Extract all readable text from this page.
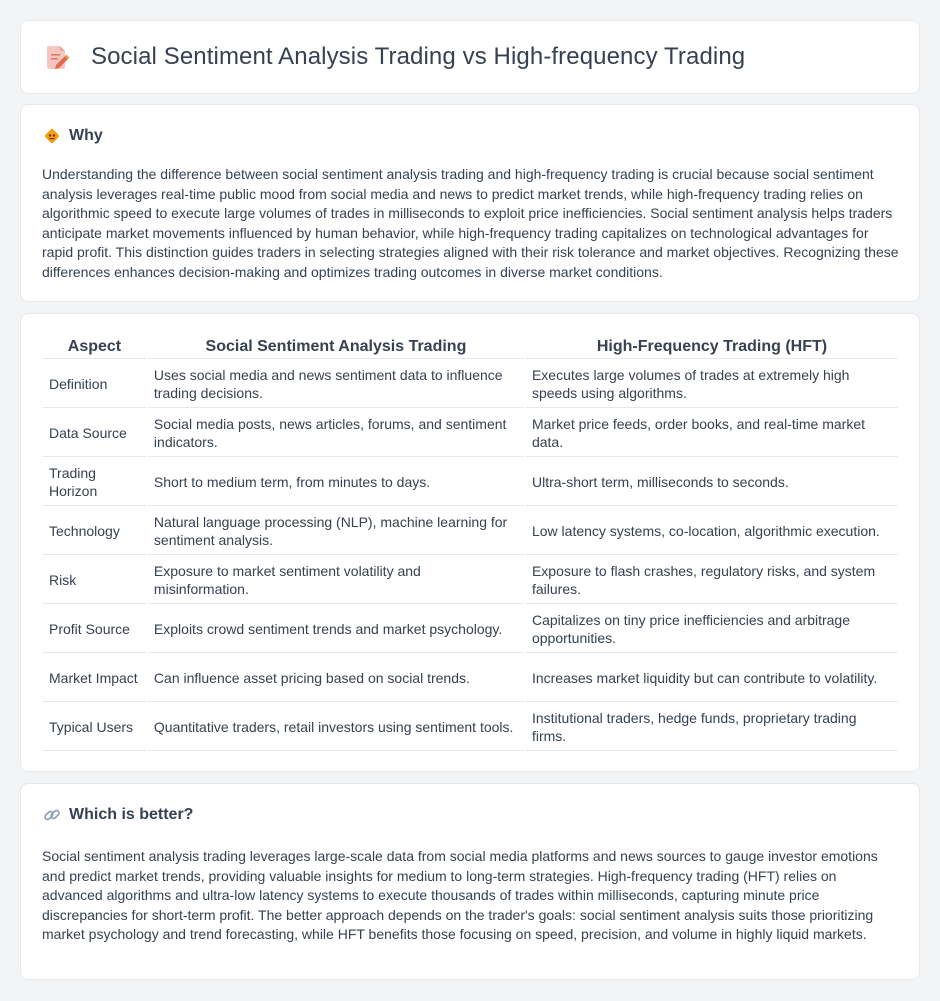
Social Sentiment Analysis Trading vs High-frequency Trading
Why

Understanding the difference between social sentiment analysis trading and high-frequency trading is crucial because social sentiment analysis leverages real-time public mood from social media and news to predict market trends, while high-frequency trading relies on algorithmic speed to execute large volumes of trades in milliseconds to exploit price inefficiencies. Social sentiment analysis helps traders anticipate market movements influenced by human behavior, while high-frequency trading capitalizes on technological advantages for rapid profit. This distinction guides traders in selecting strategies aligned with their risk tolerance and market objectives. Recognizing these differences enhances decision-making and optimizes trading outcomes in diverse market conditions.

Aspect	Social Sentiment Analysis Trading	High-Frequency Trading (HFT)
Definition	Uses social media and news sentiment data to influence trading decisions.	Executes large volumes of trades at extremely high speeds using algorithms.
Data Source	Social media posts, news articles, forums, and sentiment indicators.	Market price feeds, order books, and real-time market data.
Trading Horizon	Short to medium term, from minutes to days.	Ultra-short term, milliseconds to seconds.
Technology	Natural language processing (NLP), machine learning for sentiment analysis.	Low latency systems, co-location, algorithmic execution.
Risk	Exposure to market sentiment volatility and misinformation.	Exposure to flash crashes, regulatory risks, and system failures.
Profit Source	Exploits crowd sentiment trends and market psychology.	Capitalizes on tiny price inefficiencies and arbitrage opportunities.
Market Impact	Can influence asset pricing based on social trends.	Increases market liquidity but can contribute to volatility.
Typical Users	Quantitative traders, retail investors using sentiment tools.	Institutional traders, hedge funds, proprietary trading firms.
Which is better?

Social sentiment analysis trading leverages large-scale data from social media platforms and news sources to gauge investor emotions and predict market trends, providing valuable insights for medium to long-term strategies. High-frequency trading (HFT) relies on advanced algorithms and ultra-low latency systems to execute thousands of trades within milliseconds, capturing minute price discrepancies for short-term profit. The better approach depends on the trader's goals: social sentiment analysis suits those prioritizing market psychology and trend forecasting, while HFT benefits those focusing on speed, precision, and volume in highly liquid markets.
